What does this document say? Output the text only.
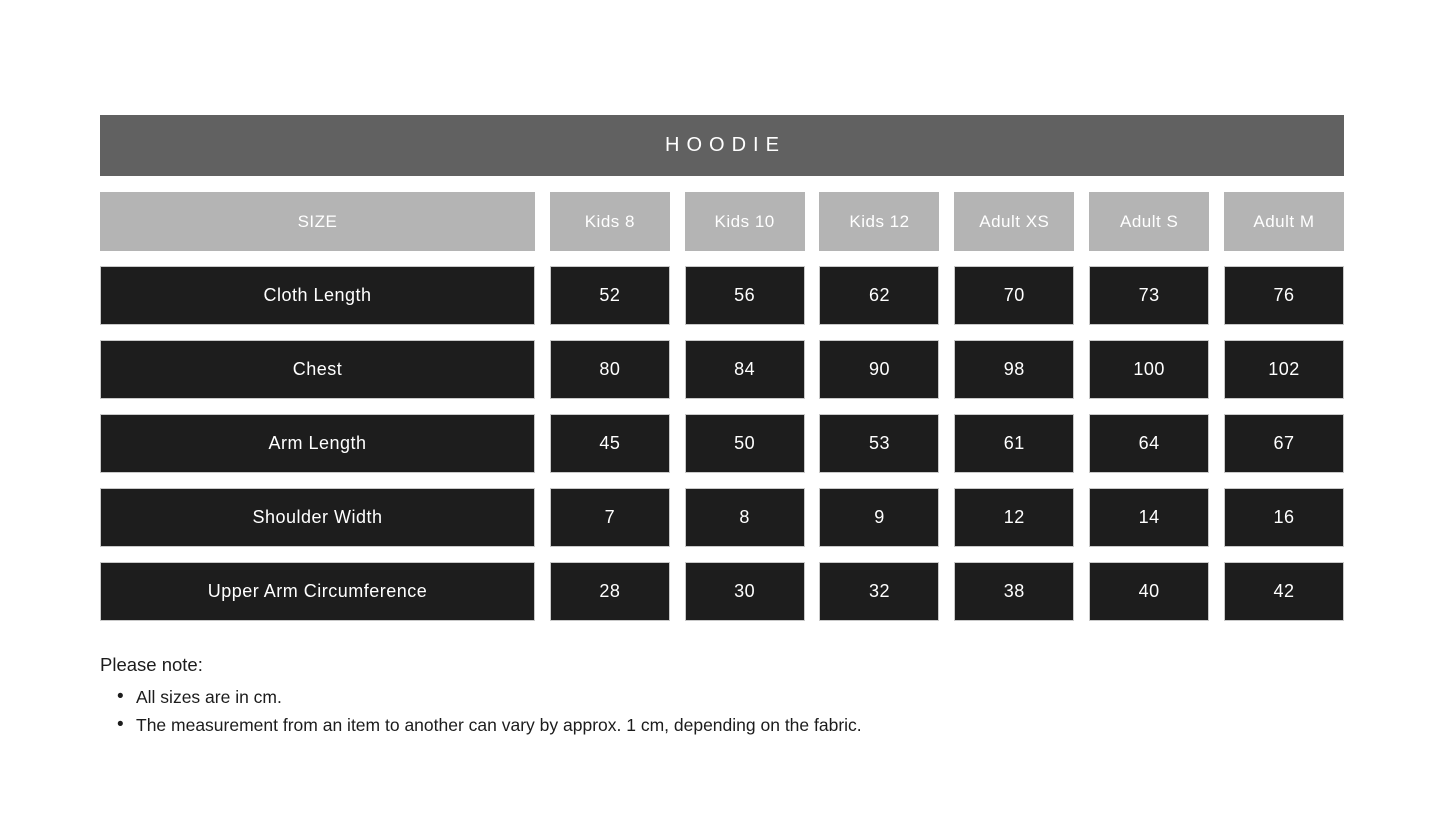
HOODIE
SIZE	Kids 8	Kids 10	Kids 12	Adult XS	Adult S	Adult M
Cloth Length	52	56	62	70	73	76
Chest	80	84	90	98	100	102
Arm Length	45	50	53	61	64	67
Shoulder Width	7	8	9	12	14	16
Upper Arm Circumference	28	30	32	38	40	42
Please note:
• All sizes are in cm.
• The measurement from an item to another can vary by approx. 1 cm, depending on the fabric.
